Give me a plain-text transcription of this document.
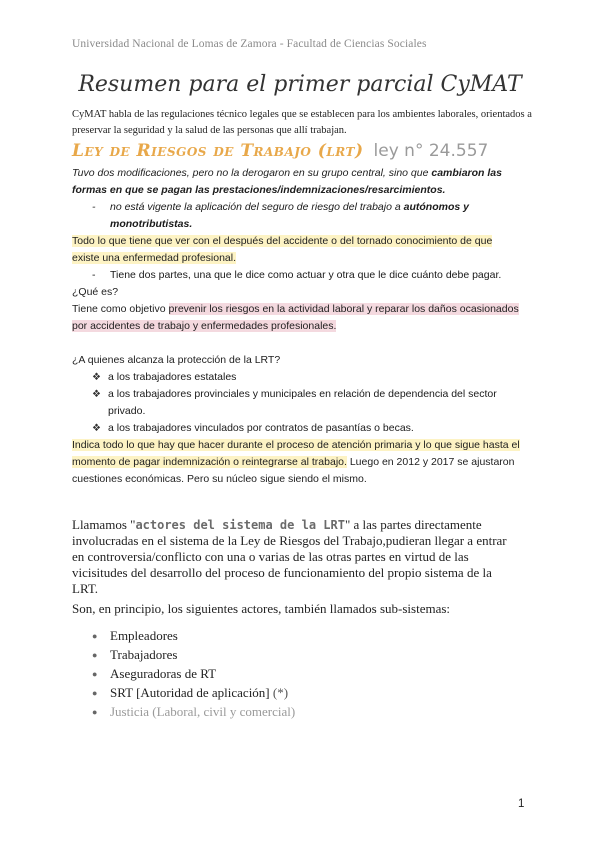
Universidad Nacional de Lomas de Zamora - Facultad de Ciencias Sociales
Resumen para el primer parcial CyMAT
CyMAT habla de las regulaciones técnico legales que se establecen para los ambientes laborales, orientados a
preservar la seguridad y la salud de las personas que allí trabajan.
Ley de Riesgos de Trabajo (lrt) ley n° 24.557
Tuvo dos modificaciones, pero no la derogaron en su grupo central, sino que cambiaron las formas en que se pagan las prestaciones/indemnizaciones/resarcimientos.
- no está vigente la aplicación del seguro de riesgo del trabajo a autónomos y monotributistas.
Todo lo que tiene que ver con el después del accidente o del tornado conocimiento de que existe una enfermedad profesional.
- Tiene dos partes, una que le dice como actuar y otra que le dice cuánto debe pagar.
¿Qué es?
Tiene como objetivo prevenir los riesgos en la actividad laboral y reparar los daños ocasionados por accidentes de trabajo y enfermedades profesionales.
¿A quienes alcanza la protección de la LRT?
❖ a los trabajadores estatales
❖ a los trabajadores provinciales y municipales en relación de dependencia del sector privado.
❖ a los trabajadores vinculados por contratos de pasantías o becas.
Indica todo lo que hay que hacer durante el proceso de atención primaria y lo que sigue hasta el momento de pagar indemnización o reintegrarse al trabajo. Luego en 2012 y 2017 se ajustaron cuestiones económicas. Pero su núcleo sigue siendo el mismo.
Llamamos "actores del sistema de la LRT" a las partes directamente involucradas en el sistema de la Ley de Riesgos del Trabajo,pudieran llegar a entrar en controversia/conflicto con una o varias de las otras partes en virtud de las vicisitudes del desarrollo del proceso de funcionamiento del propio sistema de la LRT.
Son, en principio, los siguientes actores, también llamados sub-sistemas:
● Empleadores
● Trabajadores
● Aseguradoras de RT
● SRT [Autoridad de aplicación] (*)
● Justicia (Laboral, civil y comercial)
1
